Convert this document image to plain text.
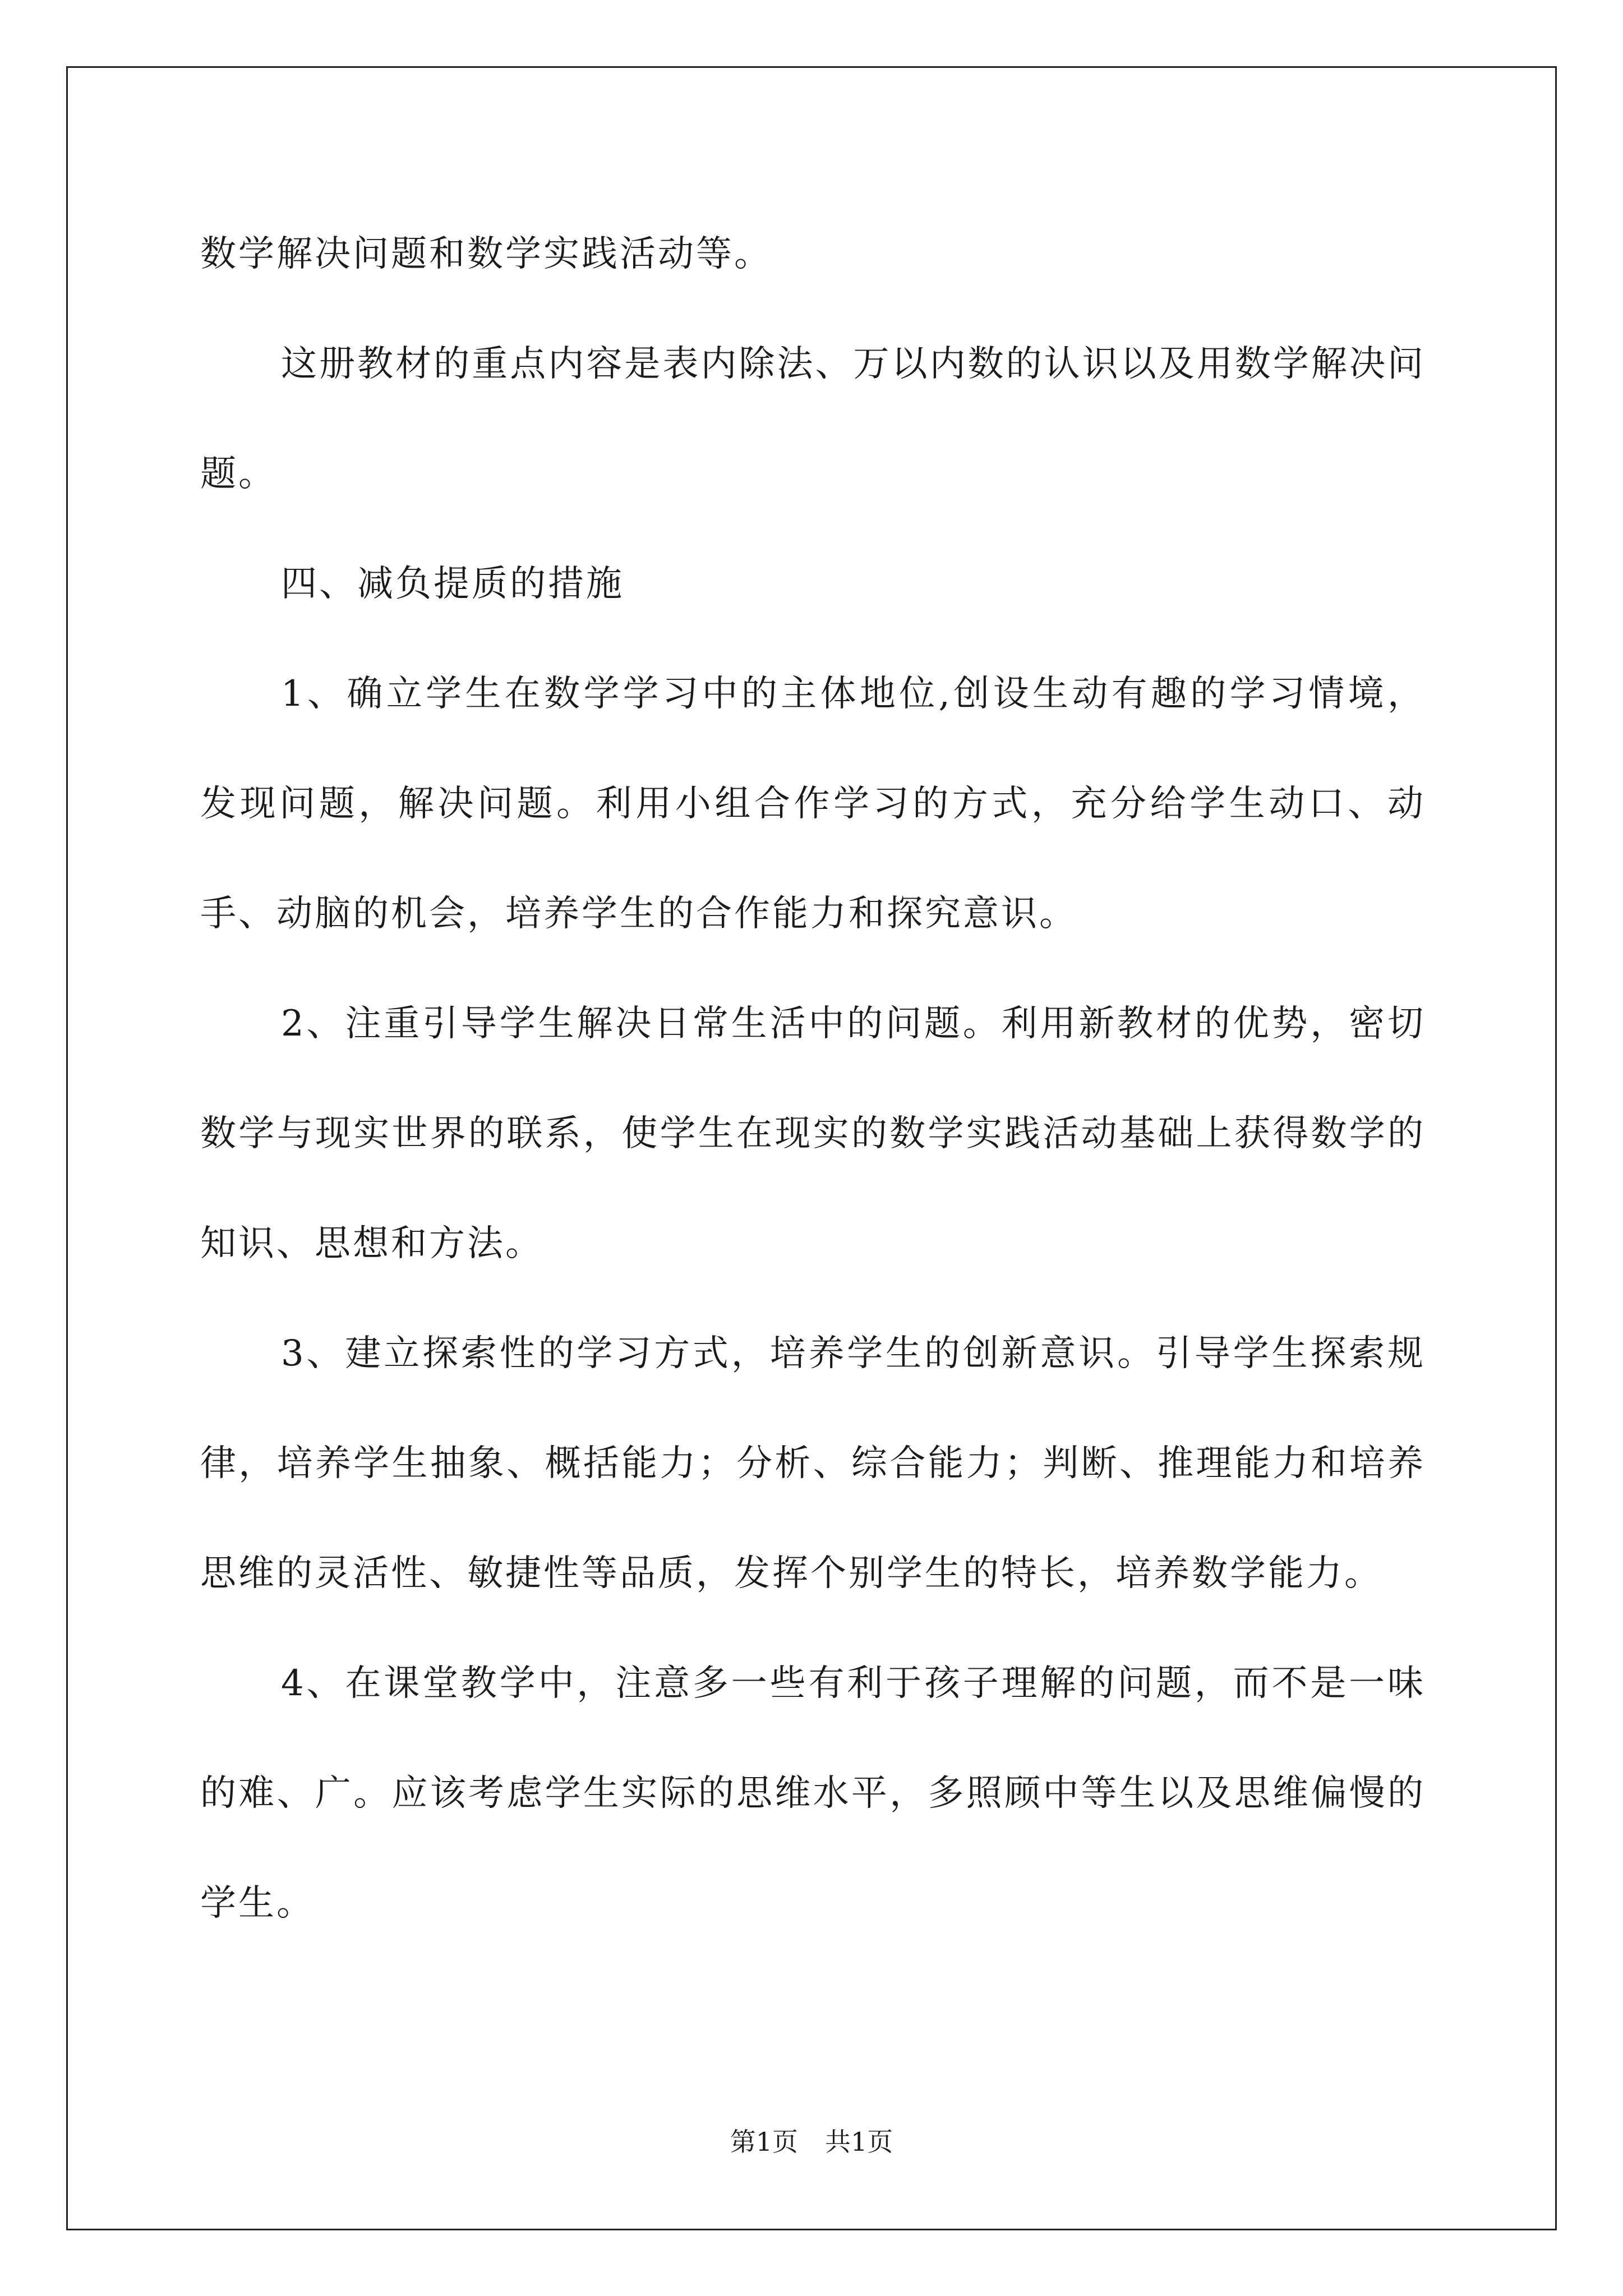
数学解决问题和数学实践活动等。

这册教材的重点内容是表内除法、万以内数的认识以及用数学解决问题。

四、减负提质的措施

1、确立学生在数学学习中的主体地位,创设生动有趣的学习情境，发现问题，解决问题。利用小组合作学习的方式，充分给学生动口、动手、动脑的机会，培养学生的合作能力和探究意识。

2、注重引导学生解决日常生活中的问题。利用新教材的优势，密切数学与现实世界的联系，使学生在现实的数学实践活动基础上获得数学的知识、思想和方法。

3、建立探索性的学习方式，培养学生的创新意识。引导学生探索规律，培养学生抽象、概括能力；分析、综合能力；判断、推理能力和培养思维的灵活性、敏捷性等品质，发挥个别学生的特长，培养数学能力。

4、在课堂教学中，注意多一些有利于孩子理解的问题，而不是一味的难、广。应该考虑学生实际的思维水平，多照顾中等生以及思维偏慢的学生。

第1页 共1页
